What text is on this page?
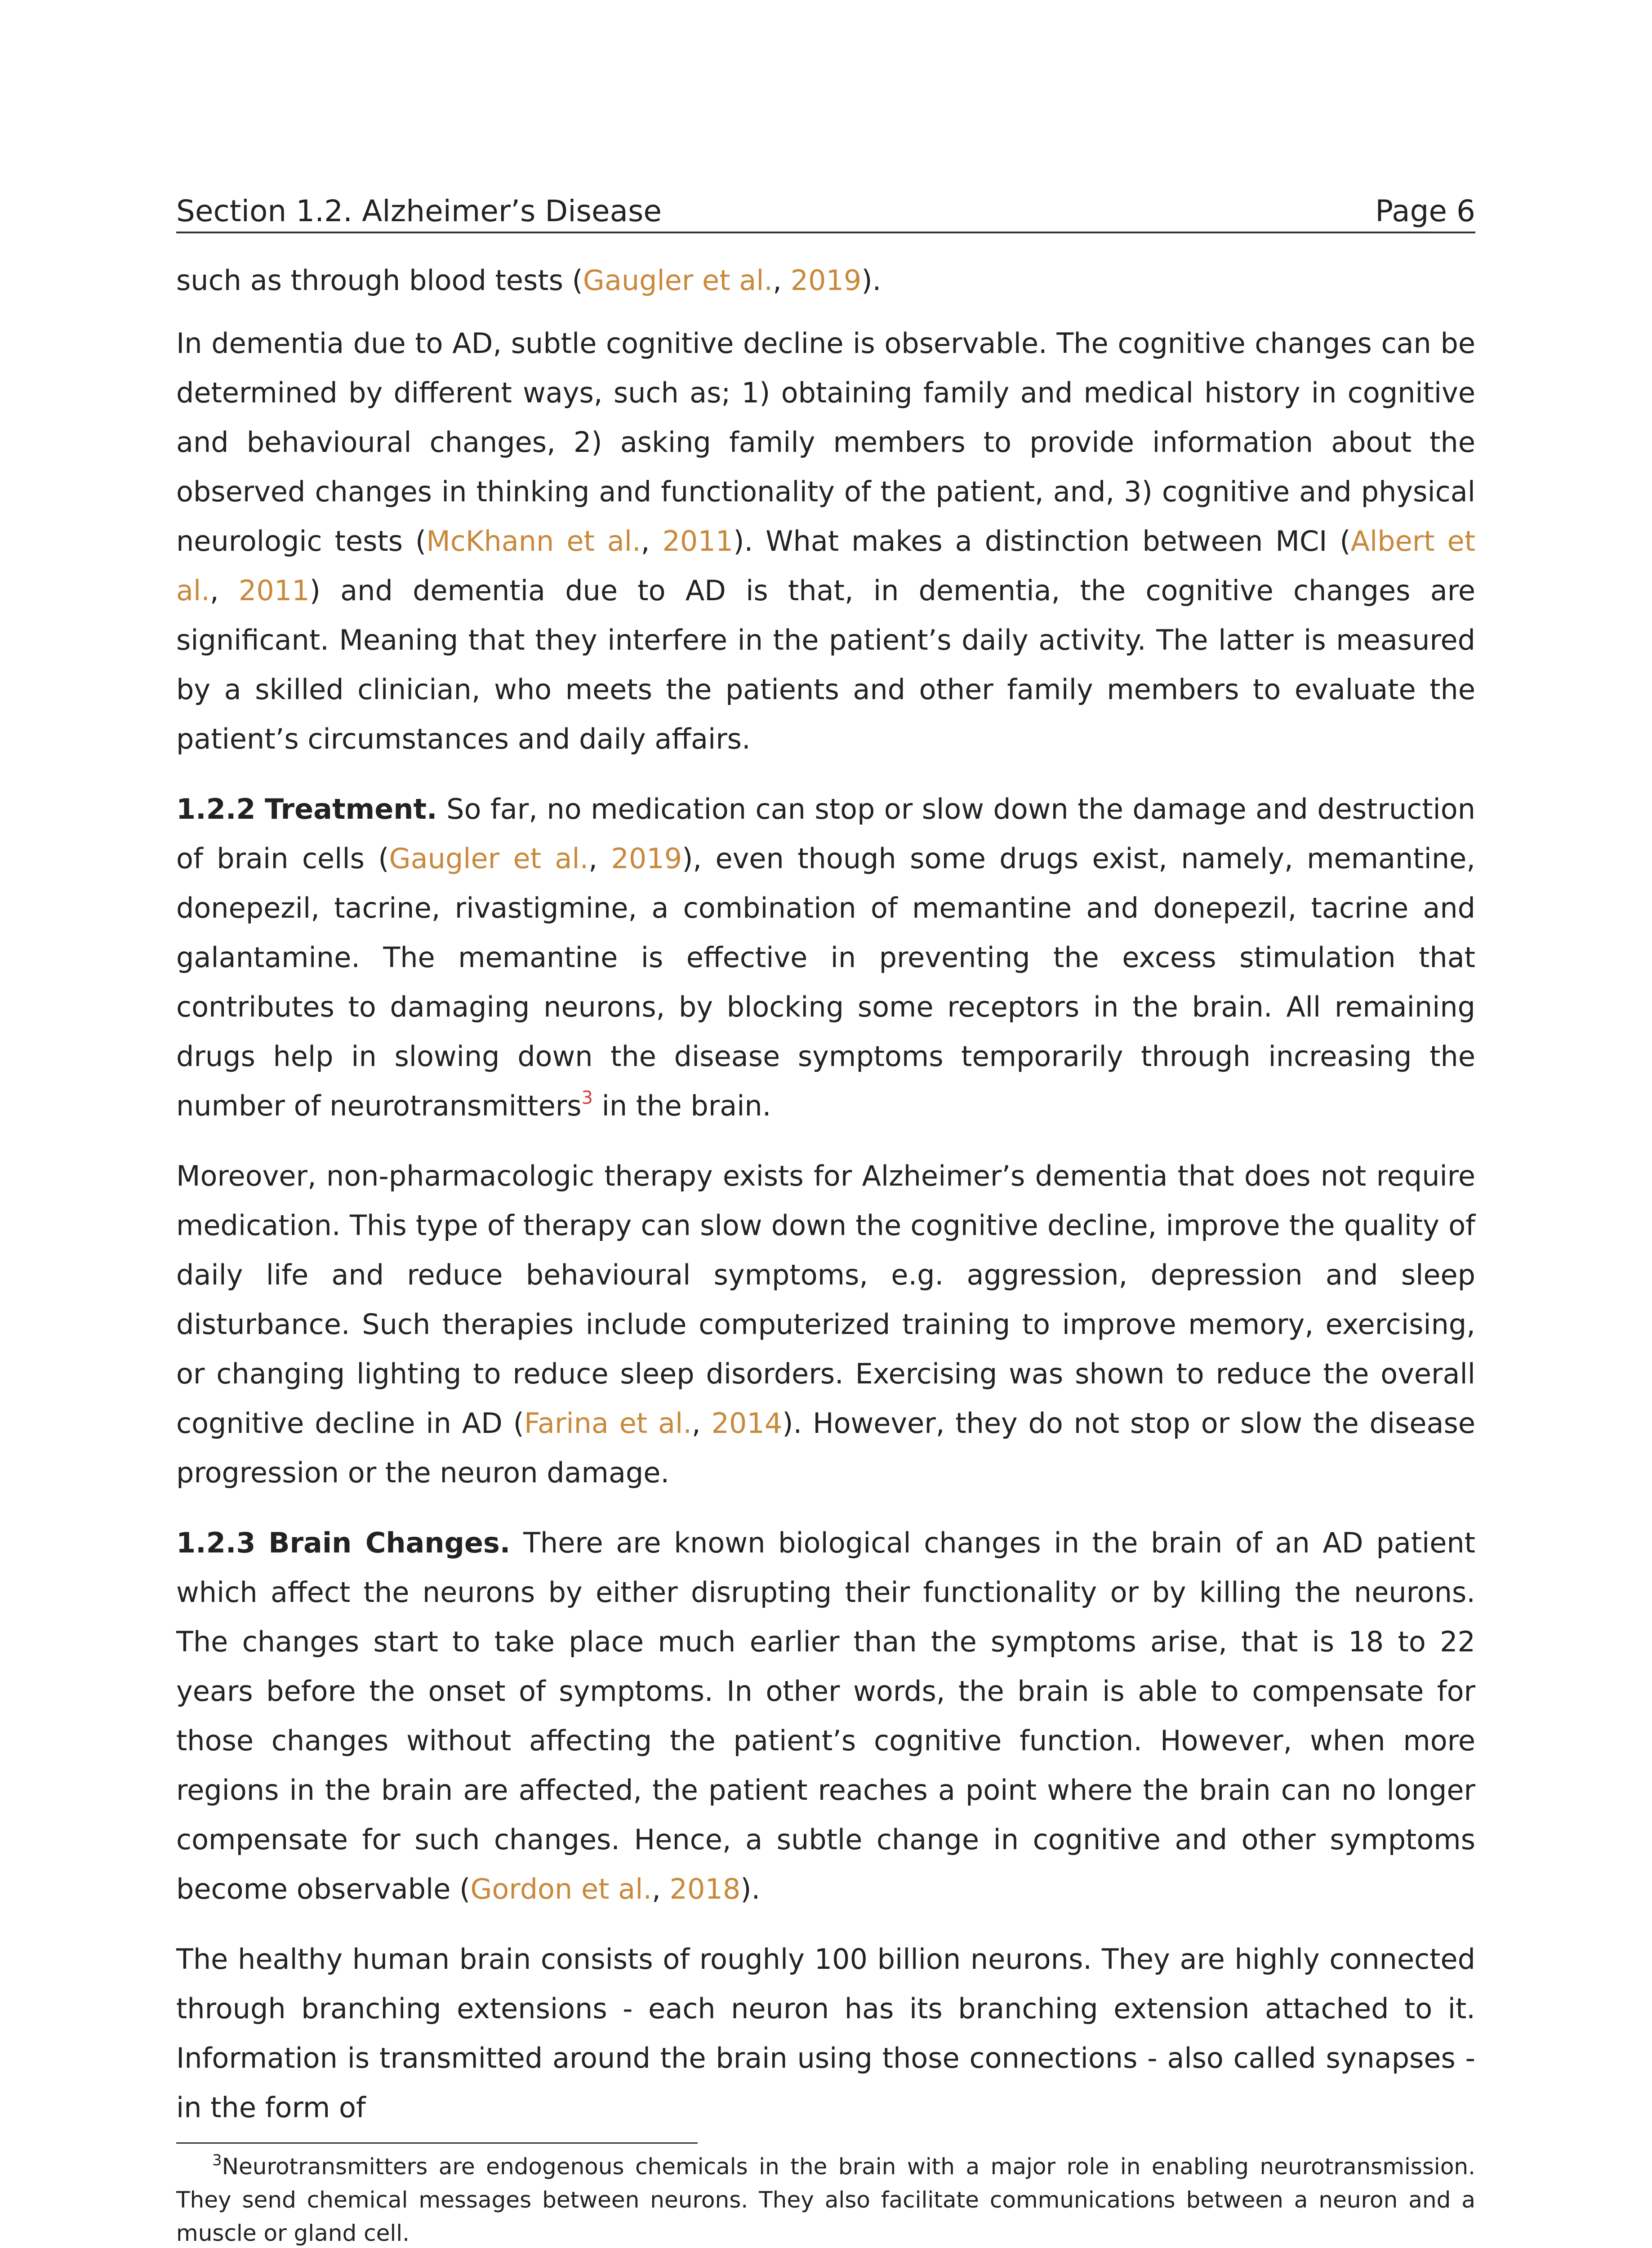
Section 1.2. Alzheimer’s Disease	Page 6

such as through blood tests (Gaugler et al., 2019).

In dementia due to AD, subtle cognitive decline is observable. The cognitive changes can be determined by different ways, such as; 1) obtaining family and medical history in cognitive and behavioural changes, 2) asking family members to provide information about the observed changes in thinking and functionality of the patient, and, 3) cognitive and physical neurologic tests (McKhann et al., 2011). What makes a distinction between MCI (Albert et al., 2011) and dementia due to AD is that, in dementia, the cognitive changes are significant. Meaning that they interfere in the patient’s daily activity. The latter is measured by a skilled clinician, who meets the patients and other family members to evaluate the patient’s circumstances and daily affairs.

1.2.2 Treatment. So far, no medication can stop or slow down the damage and destruction of brain cells (Gaugler et al., 2019), even though some drugs exist, namely, memantine, donepezil, tacrine, rivastigmine, a combination of memantine and donepezil, tacrine and galantamine. The memantine is effective in preventing the excess stimulation that contributes to damaging neurons, by blocking some receptors in the brain. All remaining drugs help in slowing down the disease symptoms temporarily through increasing the number of neurotransmitters$^3$ in the brain.

Moreover, non-pharmacologic therapy exists for Alzheimer’s dementia that does not require medication. This type of therapy can slow down the cognitive decline, improve the quality of daily life and reduce behavioural symptoms, e.g. aggression, depression and sleep disturbance. Such therapies include computerized training to improve memory, exercising, or changing lighting to reduce sleep disorders. Exercising was shown to reduce the overall cognitive decline in AD (Farina et al., 2014). However, they do not stop or slow the disease progression or the neuron damage.

1.2.3 Brain Changes. There are known biological changes in the brain of an AD patient which affect the neurons by either disrupting their functionality or by killing the neurons. The changes start to take place much earlier than the symptoms arise, that is 18 to 22 years before the onset of symptoms. In other words, the brain is able to compensate for those changes without affecting the patient’s cognitive function. However, when more regions in the brain are affected, the patient reaches a point where the brain can no longer compensate for such changes. Hence, a subtle change in cognitive and other symptoms become observable (Gordon et al., 2018).

The healthy human brain consists of roughly 100 billion neurons. They are highly connected through branching extensions - each neuron has its branching extension attached to it. Information is transmitted around the brain using those connections - also called synapses - in the form of

$^3$Neurotransmitters are endogenous chemicals in the brain with a major role in enabling neurotransmission. They send chemical messages between neurons. They also facilitate communications between a neuron and a muscle or gland cell.
